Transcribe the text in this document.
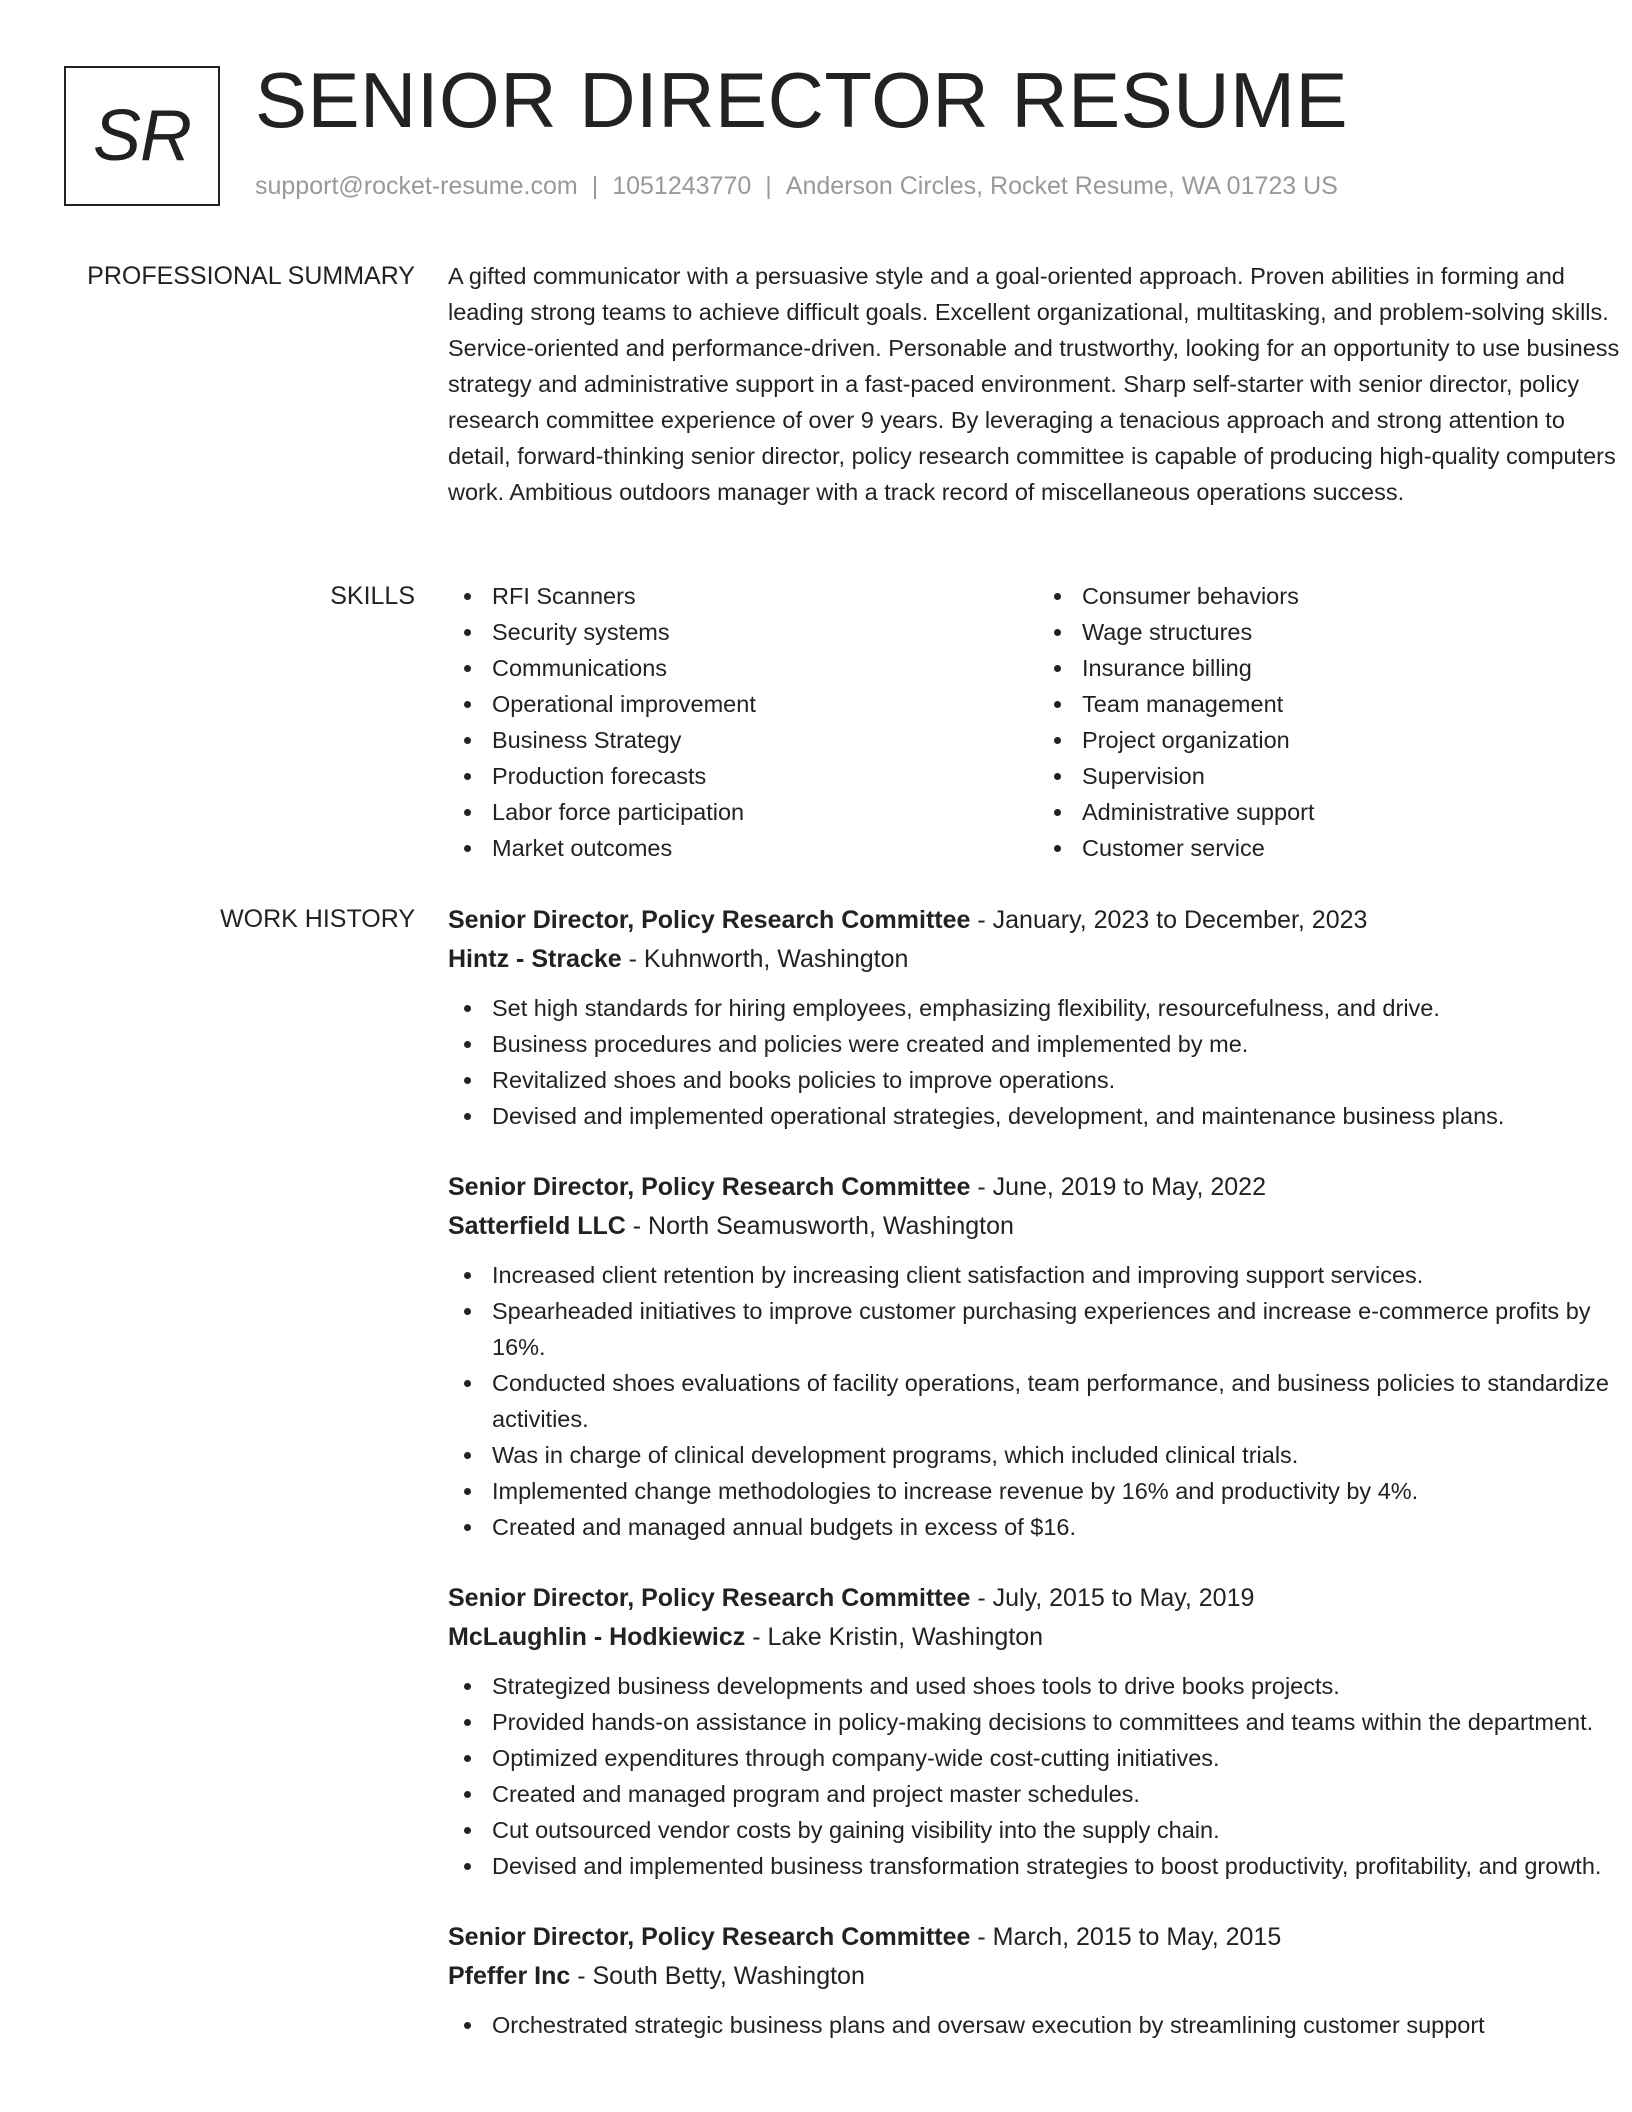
SR SENIOR DIRECTOR RESUME
support@rocket-resume.com | 1051243770 | Anderson Circles, Rocket Resume, WA 01723 US
PROFESSIONAL SUMMARY A gifted communicator with a persuasive style and a goal-oriented approach. Proven abilities in forming and leading strong teams to achieve difficult goals. Excellent organizational, multitasking, and problem-solving skills. Service-oriented and performance-driven. Personable and trustworthy, looking for an opportunity to use business strategy and administrative support in a fast-paced environment. Sharp self-starter with senior director, policy research committee experience of over 9 years. By leveraging a tenacious approach and strong attention to detail, forward-thinking senior director, policy research committee is capable of producing high-quality computers work. Ambitious outdoors manager with a track record of miscellaneous operations success.

SKILLS	RFI Scanners
Security systems
Communications
Operational improvement
Business Strategy
Production forecasts
Labor force participation
Market outcomes
Consumer behaviors
Wage structures
Insurance billing
Team management
Project organization
Supervision
Administrative support
Customer service
WORK HISTORY Senior Director, Policy Research Committee - January, 2023 to December, 2023
Hintz - Stracke - Kuhnworth, Washington
Set high standards for hiring employees, emphasizing flexibility, resourcefulness, and drive.
Business procedures and policies were created and implemented by me.
Revitalized shoes and books policies to improve operations.
Devised and implemented operational strategies, development, and maintenance business plans.
Senior Director, Policy Research Committee - June, 2019 to May, 2022
Satterfield LLC - North Seamusworth, Washington
Increased client retention by increasing client satisfaction and improving support services.
Spearheaded initiatives to improve customer purchasing experiences and increase e-commerce profits by 16%.
Conducted shoes evaluations of facility operations, team performance, and business policies to standardize activities.
Was in charge of clinical development programs, which included clinical trials.
Implemented change methodologies to increase revenue by 16% and productivity by 4%.
Created and managed annual budgets in excess of $16.
Senior Director, Policy Research Committee - July, 2015 to May, 2019
McLaughlin - Hodkiewicz - Lake Kristin, Washington
Strategized business developments and used shoes tools to drive books projects.
Provided hands-on assistance in policy-making decisions to committees and teams within the department.
Optimized expenditures through company-wide cost-cutting initiatives.
Created and managed program and project master schedules.
Cut outsourced vendor costs by gaining visibility into the supply chain.
Devised and implemented business transformation strategies to boost productivity, profitability, and growth.
Senior Director, Policy Research Committee - March, 2015 to May, 2015
Pfeffer Inc - South Betty, Washington
Orchestrated strategic business plans and oversaw execution by streamlining customer support
